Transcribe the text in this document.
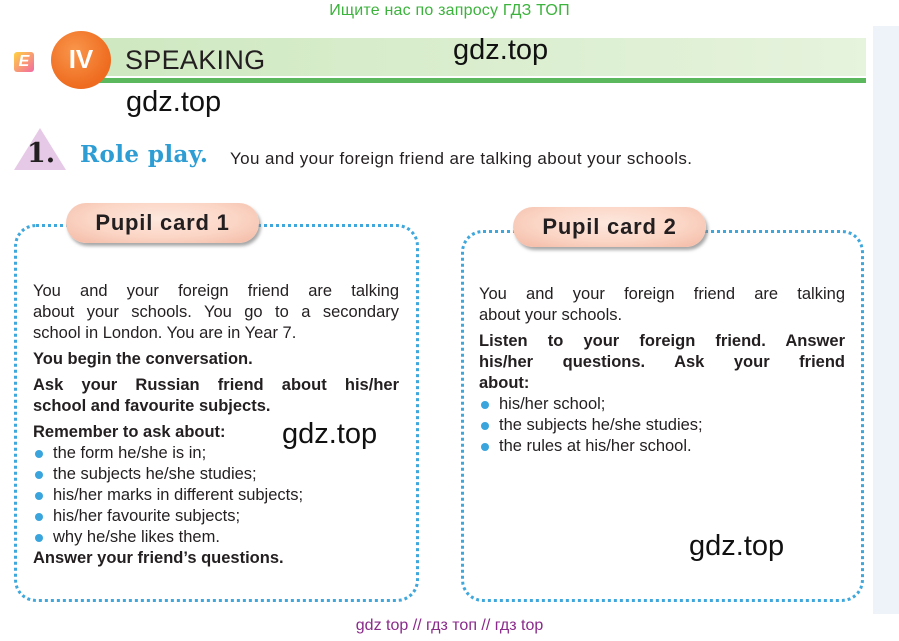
Ищите нас по запросу ГДЗ ТОП
E	IV	SPEAKING	gdz.top
gdz.top
1. Role play. You and your foreign friend are talking about your schools.
Pupil card 1
You and your foreign friend are talking
about your schools. You go to a secondary
school in London. You are in Year 7.
You begin the conversation.
Ask your Russian friend about his/her
school and favourite subjects.
Remember to ask about:
the form he/she is in;
the subjects he/she studies;
his/her marks in different subjects;
his/her favourite subjects;
why he/she likes them.
Answer your friend’s questions.
Pupil card 2
You and your foreign friend are talking
about your schools.
Listen to your foreign friend. Answer
his/her questions. Ask your friend
about:
his/her school;
the subjects he/she studies;
the rules at his/her school.
gdz.top
gdz.top
gdz top // гдз топ // гдз top
